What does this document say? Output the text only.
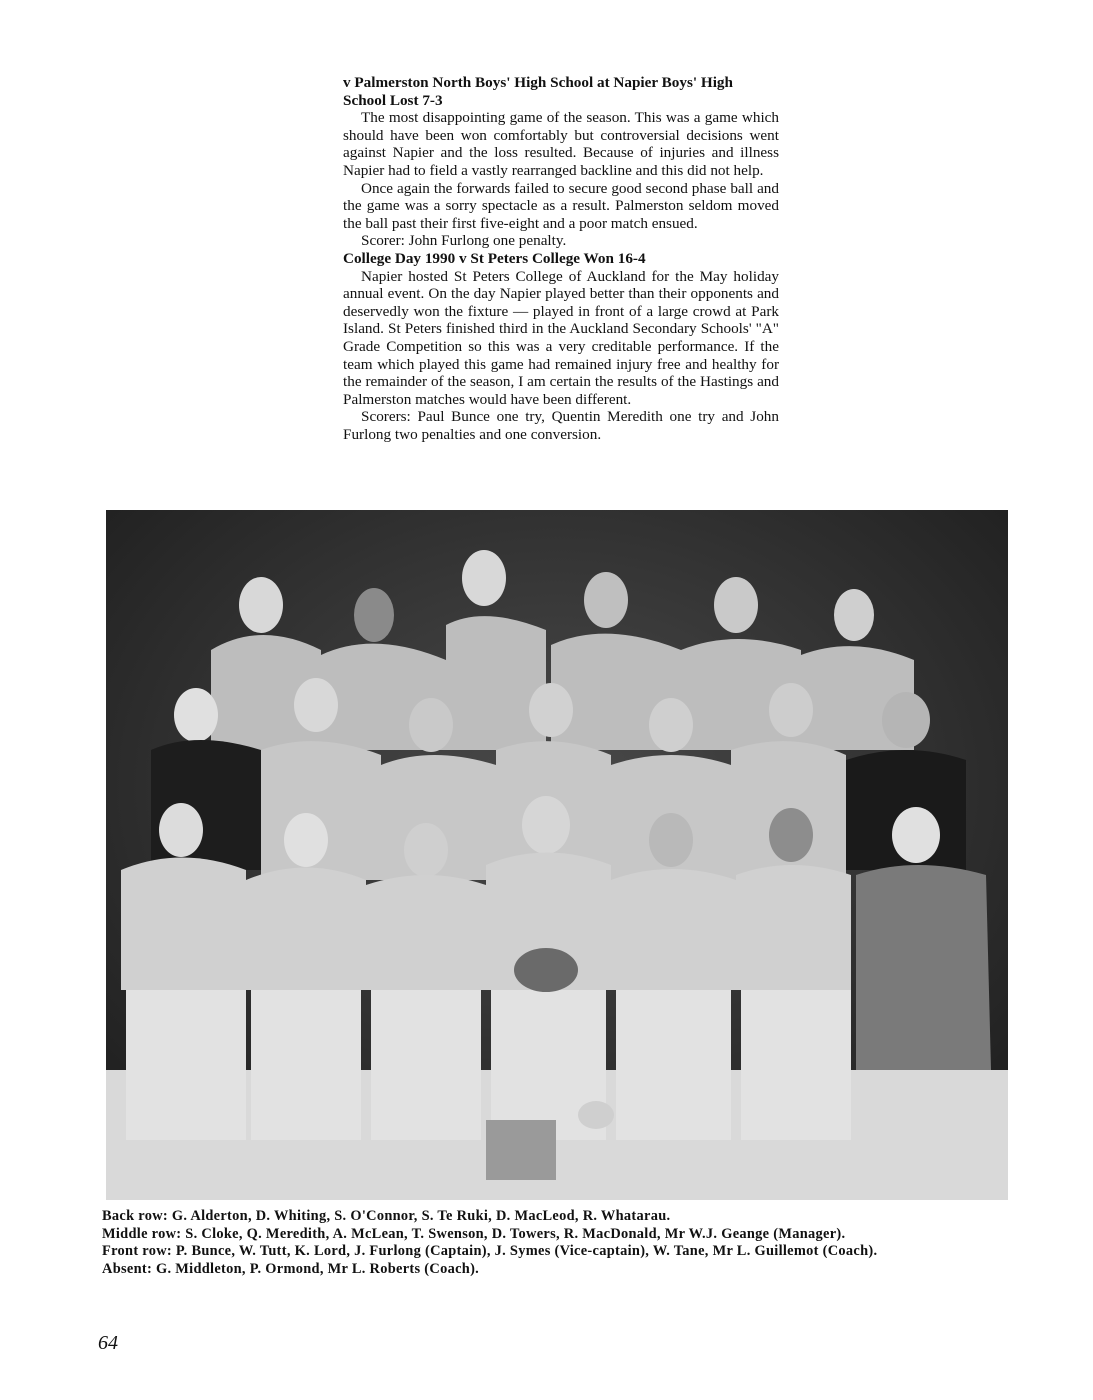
v Palmerston North Boys' High School at Napier Boys' High School Lost 7-3

The most disappointing game of the season. This was a game which should have been won comfortably but controversial decisions went against Napier and the loss resulted. Because of injuries and illness Napier had to field a vastly rearranged backline and this did not help.

Once again the forwards failed to secure good second phase ball and the game was a sorry spectacle as a result. Palmerston seldom moved the ball past their first five-eight and a poor match ensued.

Scorer: John Furlong one penalty.

College Day 1990 v St Peters College Won 16-4

Napier hosted St Peters College of Auckland for the May holiday annual event. On the day Napier played better than their opponents and deservedly won the fixture — played in front of a large crowd at Park Island. St Peters finished third in the Auckland Secondary Schools' "A" Grade Competition so this was a very creditable performance. If the team which played this game had remained injury free and healthy for the remainder of the season, I am certain the results of the Hastings and Palmerston matches would have been different.

Scorers: Paul Bunce one try, Quentin Meredith one try and John Furlong two penalties and one conversion.

Back row: G. Alderton, D. Whiting, S. O'Connor, S. Te Ruki, D. MacLeod, R. Whatarau.

Middle row: S. Cloke, Q. Meredith, A. McLean, T. Swenson, D. Towers, R. MacDonald, Mr W.J. Geange (Manager).

Front row: P. Bunce, W. Tutt, K. Lord, J. Furlong (Captain), J. Symes (Vice-captain), W. Tane, Mr L. Guillemot (Coach).

Absent: G. Middleton, P. Ormond, Mr L. Roberts (Coach).

64
